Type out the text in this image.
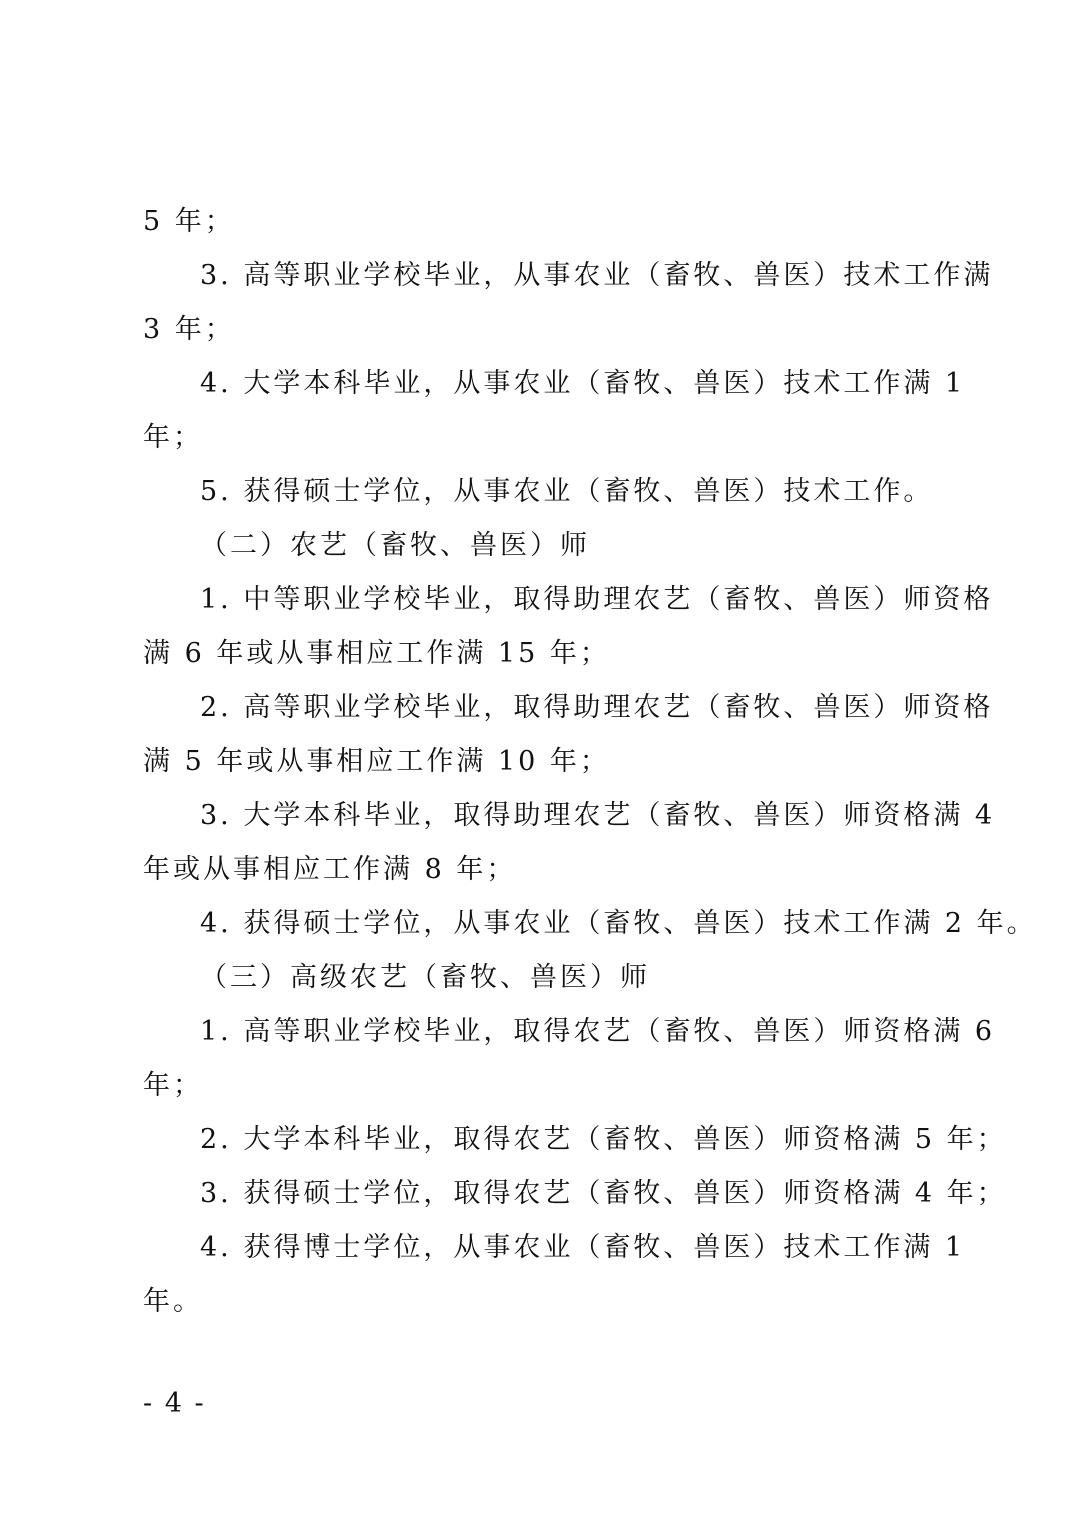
5 年；
3. 高等职业学校毕业，从事农业（畜牧、兽医）技术工作满
3 年；
4. 大学本科毕业，从事农业（畜牧、兽医）技术工作满 1
年；
5. 获得硕士学位，从事农业（畜牧、兽医）技术工作。
（二）农艺（畜牧、兽医）师
1. 中等职业学校毕业，取得助理农艺（畜牧、兽医）师资格
满 6 年或从事相应工作满 15 年；
2. 高等职业学校毕业，取得助理农艺（畜牧、兽医）师资格
满 5 年或从事相应工作满 10 年；
3. 大学本科毕业，取得助理农艺（畜牧、兽医）师资格满 4
年或从事相应工作满 8 年；
4. 获得硕士学位，从事农业（畜牧、兽医）技术工作满 2 年。
（三）高级农艺（畜牧、兽医）师
1. 高等职业学校毕业，取得农艺（畜牧、兽医）师资格满 6
年；
2. 大学本科毕业，取得农艺（畜牧、兽医）师资格满 5 年；
3. 获得硕士学位，取得农艺（畜牧、兽医）师资格满 4 年；
4. 获得博士学位，从事农业（畜牧、兽医）技术工作满 1
年。
- 4 -
